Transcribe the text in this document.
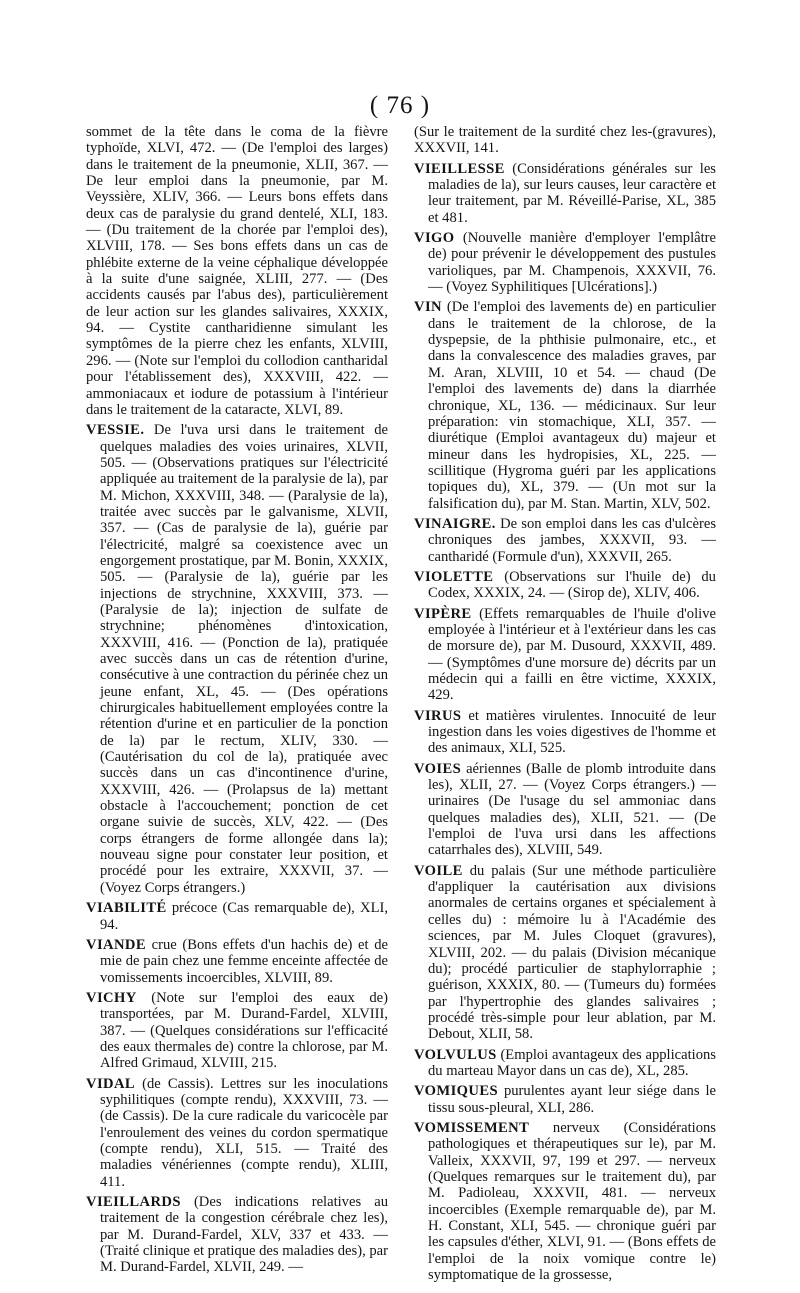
( 76 )

sommet de la tête dans le coma de la fièvre typhoïde, XLVI, 472. — (De l'emploi des larges) dans le traitement de la pneumonie, XLII, 367. — De leur emploi dans la pneumonie, par M. Veyssière, XLIV, 366. — Leurs bons effets dans deux cas de paralysie du grand dentelé, XLI, 183. — (Du traitement de la chorée par l'emploi des), XLVIII, 178. — Ses bons effets dans un cas de phlébite externe de la veine céphalique développée à la suite d'une saignée, XLIII, 277. — (Des accidents causés par l'abus des), particulièrement de leur action sur les glandes salivaires, XXXIX, 94. — Cystite cantharidienne simulant les symptômes de la pierre chez les enfants, XLVIII, 296. — (Note sur l'emploi du collodion cantharidal pour l'établissement des), XXXVIII, 422. — ammoniacaux et iodure de potassium à l'intérieur dans le traitement de la cataracte, XLVI, 89.

VESSIE. De l'uva ursi dans le traitement de quelques maladies des voies urinaires, XLVII, 505. — (Observations pratiques sur l'électricité appliquée au traitement de la paralysie de la), par M. Michon, XXXVIII, 348. — (Paralysie de la), traitée avec succès par le galvanisme, XLVII, 357. — (Cas de paralysie de la), guérie par l'électricité, malgré sa coexistence avec un engorgement prostatique, par M. Bonin, XXXIX, 505. — (Paralysie de la), guérie par les injections de strychnine, XXXVIII, 373. — (Paralysie de la); injection de sulfate de strychnine; phénomènes d'intoxication, XXXVIII, 416. — (Ponction de la), pratiquée avec succès dans un cas de rétention d'urine, consécutive à une contraction du périnée chez un jeune enfant, XL, 45. — (Des opérations chirurgicales habituellement employées contre la rétention d'urine et en particulier de la ponction de la) par le rectum, XLIV, 330. — (Cautérisation du col de la), pratiquée avec succès dans un cas d'incontinence d'urine, XXXVIII, 426. — (Prolapsus de la) mettant obstacle à l'accouchement; ponction de cet organe suivie de succès, XLV, 422. — (Des corps étrangers de forme allongée dans la); nouveau signe pour constater leur position, et procédé pour les extraire, XXXVII, 37. — (Voyez Corps étrangers.)

VIABILITÉ précoce (Cas remarquable de), XLI, 94.

VIANDE crue (Bons effets d'un hachis de) et de mie de pain chez une femme enceinte affectée de vomissements incoercibles, XLVIII, 89.

VICHY (Note sur l'emploi des eaux de) transportées, par M. Durand-Fardel, XLVIII, 387. — (Quelques considérations sur l'efficacité des eaux thermales de) contre la chlorose, par M. Alfred Grimaud, XLVIII, 215.

VIDAL (de Cassis). Lettres sur les inoculations syphilitiques (compte rendu), XXXVIII, 73. — (de Cassis). De la cure radicale du varicocèle par l'enroulement des veines du cordon spermatique (compte rendu), XLI, 515. — Traité des maladies vénériennes (compte rendu), XLIII, 411.

VIEILLARDS (Des indications relatives au traitement de la congestion cérébrale chez les), par M. Durand-Fardel, XLV, 337 et 433. — (Traité clinique et pratique des maladies des), par M. Durand-Fardel, XLVII, 249. —

(Sur le traitement de la surdité chez les-(gravures), XXXVII, 141.

VIEILLESSE (Considérations générales sur les maladies de la), sur leurs causes, leur caractère et leur traitement, par M. Réveillé-Parise, XL, 385 et 481.

VIGO (Nouvelle manière d'employer l'emplâtre de) pour prévenir le développement des pustules varioliques, par M. Champenois, XXXVII, 76. — (Voyez Syphilitiques [Ulcérations].)

VIN (De l'emploi des lavements de) en particulier dans le traitement de la chlorose, de la dyspepsie, de la phthisie pulmonaire, etc., et dans la convalescence des maladies graves, par M. Aran, XLVIII, 10 et 54. — chaud (De l'emploi des lavements de) dans la diarrhée chronique, XL, 136. — médicinaux. Sur leur préparation: vin stomachique, XLI, 357. — diurétique (Emploi avantageux du) majeur et mineur dans les hydropisies, XL, 225. — scillitique (Hygroma guéri par les applications topiques du), XL, 379. — (Un mot sur la falsification du), par M. Stan. Martin, XLV, 502.

VINAIGRE. De son emploi dans les cas d'ulcères chroniques des jambes, XXXVII, 93. — cantharidé (Formule d'un), XXXVII, 265.

VIOLETTE (Observations sur l'huile de) du Codex, XXXIX, 24. — (Sirop de), XLIV, 406.

VIPÈRE (Effets remarquables de l'huile d'olive employée à l'intérieur et à l'extérieur dans les cas de morsure de), par M. Dusourd, XXXVII, 489. — (Symptômes d'une morsure de) décrits par un médecin qui a failli en être victime, XXXIX, 429.

VIRUS et matières virulentes. Innocuité de leur ingestion dans les voies digestives de l'homme et des animaux, XLI, 525.

VOIES aériennes (Balle de plomb introduite dans les), XLII, 27. — (Voyez Corps étrangers.) — urinaires (De l'usage du sel ammoniac dans quelques maladies des), XLII, 521. — (De l'emploi de l'uva ursi dans les affections catarrhales des), XLVIII, 549.

VOILE du palais (Sur une méthode particulière d'appliquer la cautérisation aux divisions anormales de certains organes et spécialement à celles du) : mémoire lu à l'Académie des sciences, par M. Jules Cloquet (gravures), XLVIII, 202. — du palais (Division mécanique du); procédé particulier de staphylorraphie ; guérison, XXXIX, 80. — (Tumeurs du) formées par l'hypertrophie des glandes salivaires ; procédé très-simple pour leur ablation, par M. Debout, XLII, 58.

VOLVULUS (Emploi avantageux des applications du marteau Mayor dans un cas de), XL, 285.

VOMIQUES purulentes ayant leur siége dans le tissu sous-pleural, XLI, 286.

VOMISSEMENT nerveux (Considérations pathologiques et thérapeutiques sur le), par M. Valleix, XXXVII, 97, 199 et 297. — nerveux (Quelques remarques sur le traitement du), par M. Padioleau, XXXVII, 481. — nerveux incoercibles (Exemple remarquable de), par M. H. Constant, XLI, 545. — chronique guéri par les capsules d'éther, XLVI, 91. — (Bons effets de l'emploi de la noix vomique contre le) symptomatique de la grossesse,
